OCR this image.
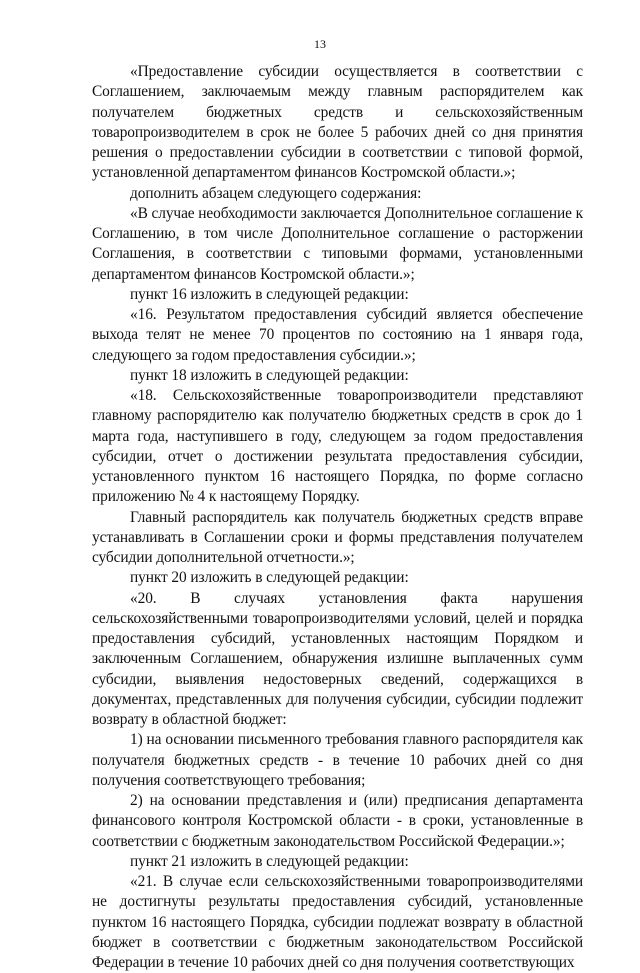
13

«Предоставление субсидии осуществляется в соответствии с Соглашением, заключаемым между главным распорядителем как получателем бюджетных средств и сельскохозяйственным товаропроизводителем в срок не более 5 рабочих дней со дня принятия решения о предоставлении субсидии в соответствии с типовой формой, установленной департаментом финансов Костромской области.»;

дополнить абзацем следующего содержания:

«В случае необходимости заключается Дополнительное соглашение к Соглашению, в том числе Дополнительное соглашение о расторжении Соглашения, в соответствии с типовыми формами, установленными департаментом финансов Костромской области.»;

пункт 16 изложить в следующей редакции:

«16. Результатом предоставления субсидий является обеспечение выхода телят не менее 70 процентов по состоянию на 1 января года, следующего за годом предоставления субсидии.»;

пункт 18 изложить в следующей редакции:

«18. Сельскохозяйственные товаропроизводители представляют главному распорядителю как получателю бюджетных средств в срок до 1 марта года, наступившего в году, следующем за годом предоставления субсидии, отчет о достижении результата предоставления субсидии, установленного пунктом 16 настоящего Порядка, по форме согласно приложению № 4 к настоящему Порядку.

Главный распорядитель как получатель бюджетных средств вправе устанавливать в Соглашении сроки и формы представления получателем субсидии дополнительной отчетности.»;

пункт 20 изложить в следующей редакции:

«20. В случаях установления факта нарушения сельскохозяйственными товаропроизводителями условий, целей и порядка предоставления субсидий, установленных настоящим Порядком и заключенным Соглашением, обнаружения излишне выплаченных сумм субсидии, выявления недостоверных сведений, содержащихся в документах, представленных для получения субсидии, субсидии подлежит возврату в областной бюджет:

1) на основании письменного требования главного распорядителя как получателя бюджетных средств - в течение 10 рабочих дней со дня получения соответствующего требования;

2) на основании представления и (или) предписания департамента финансового контроля Костромской области - в сроки, установленные в соответствии с бюджетным законодательством Российской Федерации.»;

пункт 21 изложить в следующей редакции:

«21. В случае если сельскохозяйственными товаропроизводителями не достигнуты результаты предоставления субсидий, установленные пунктом 16 настоящего Порядка, субсидии подлежат возврату в областной бюджет в соответствии с бюджетным законодательством Российской Федерации в течение 10 рабочих дней со дня получения соответствующих
